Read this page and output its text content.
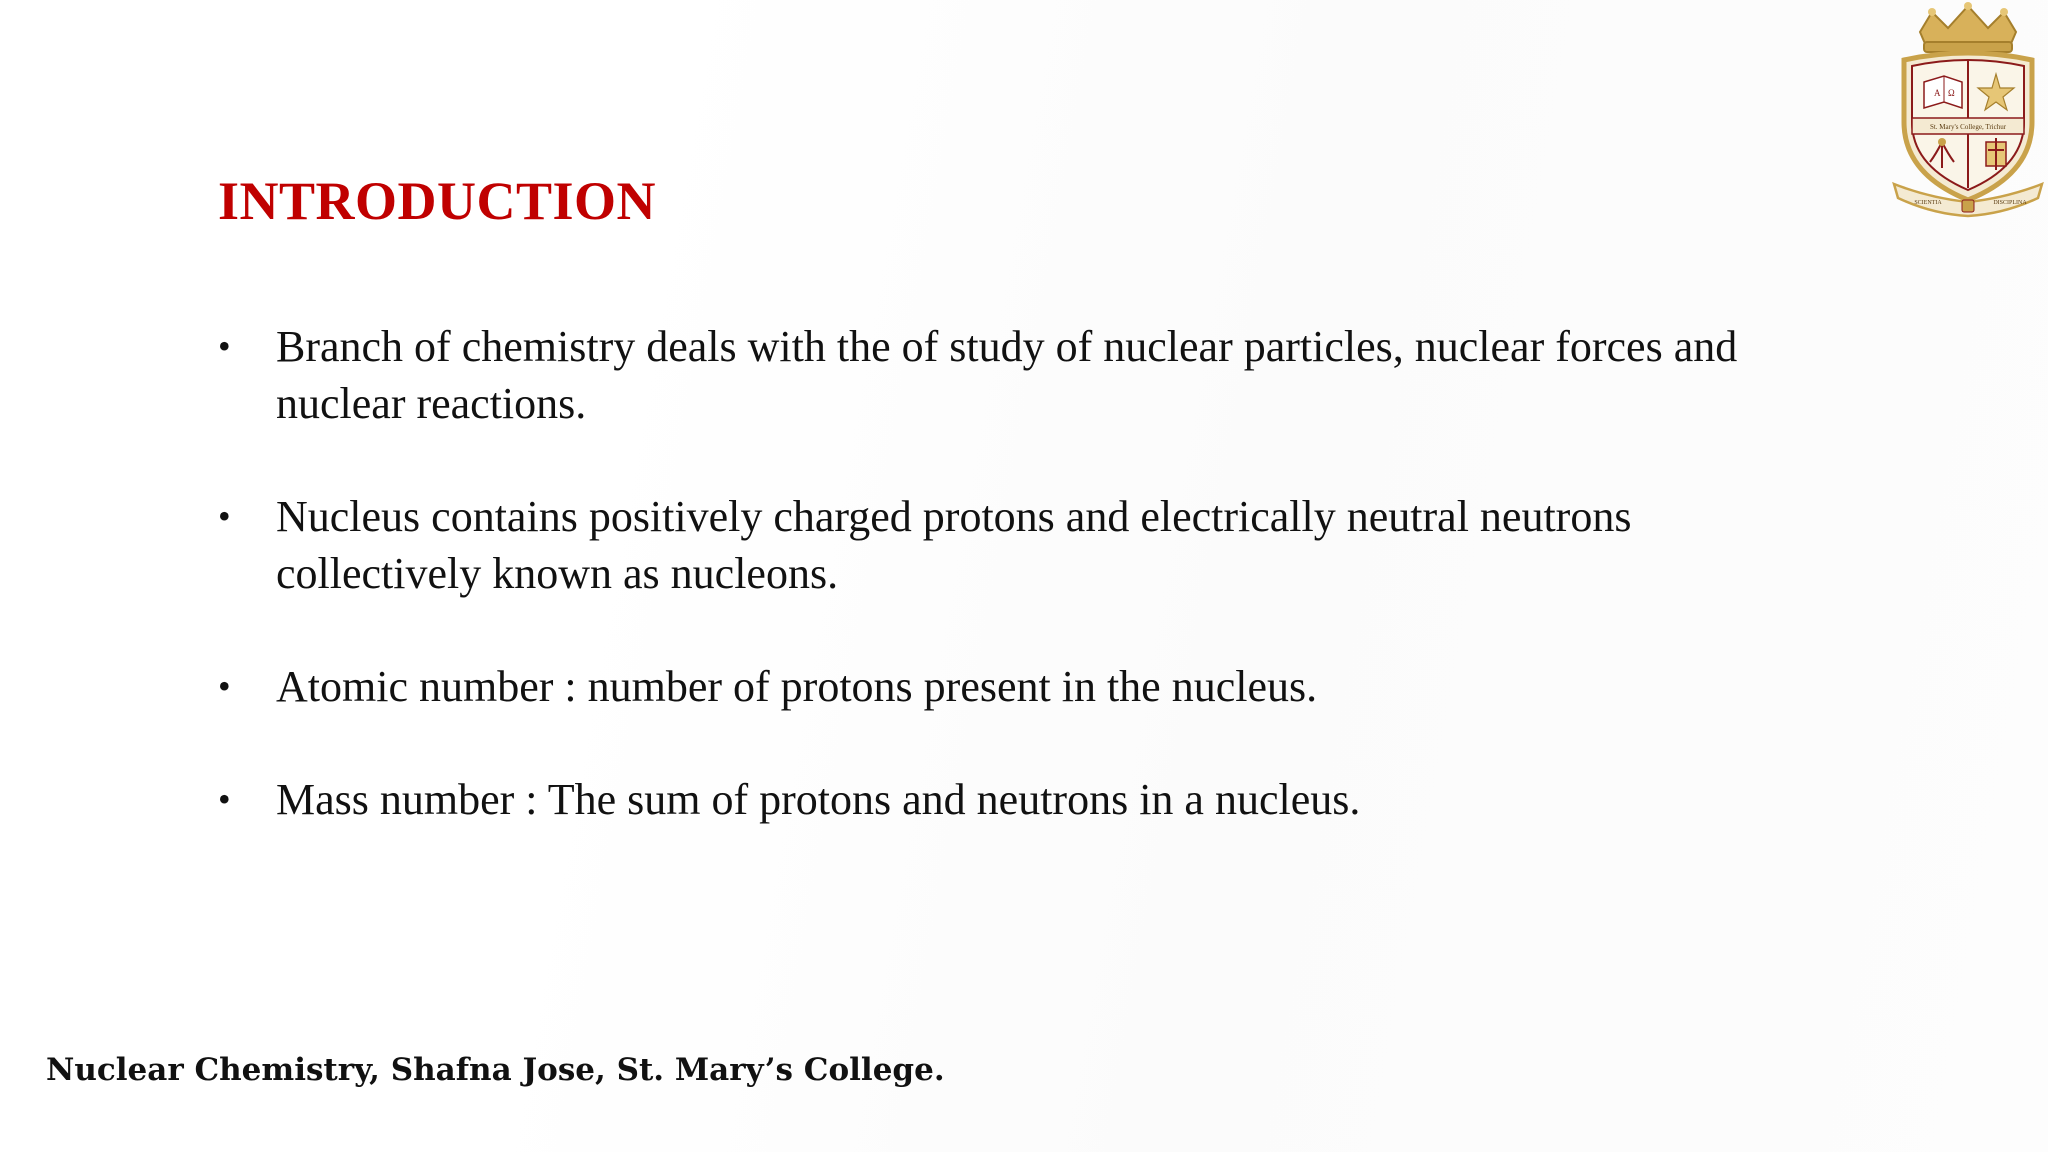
INTRODUCTION
• Branch of chemistry deals with the of study of nuclear particles, nuclear forces and nuclear reactions.
• Nucleus contains positively charged protons and electrically neutral neutrons collectively known as nucleons.
• Atomic number : number of protons present in the nucleus.
• Mass number : The sum of protons and neutrons in a nucleus.
Nuclear Chemistry, Shafna Jose, St. Mary’s College.
St. Mary's College, Trichur
A Ω
SCIENTIA	DISCIPLINA
